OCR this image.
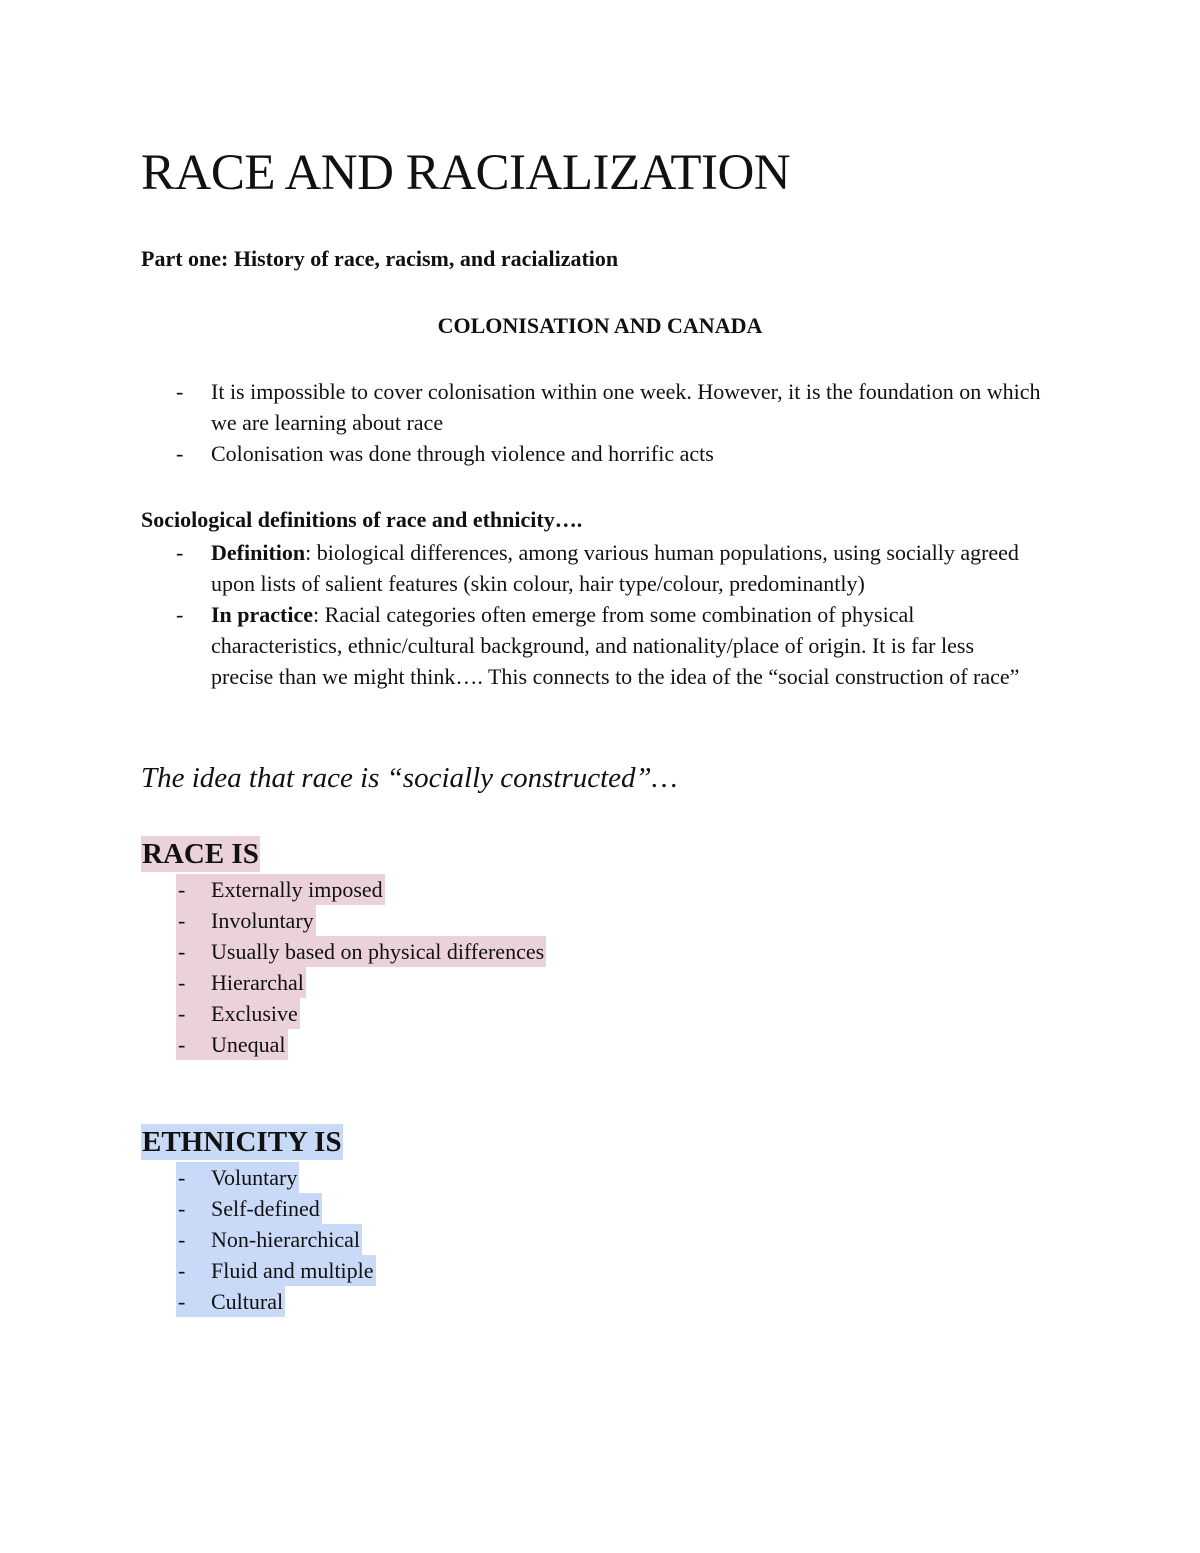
RACE AND RACIALIZATION
Part one: History of race, racism, and racialization
COLONISATION AND CANADA
- It is impossible to cover colonisation within one week. However, it is the foundation on which we are learning about race
- Colonisation was done through violence and horrific acts
Sociological definitions of race and ethnicity….
- Definition: biological differences, among various human populations, using socially agreed upon lists of salient features (skin colour, hair type/colour, predominantly)
- In practice: Racial categories often emerge from some combination of physical characteristics, ethnic/cultural background, and nationality/place of origin. It is far less precise than we might think…. This connects to the idea of the “social construction of race”
The idea that race is “socially constructed”…
RACE IS
- Externally imposed
- Involuntary
- Usually based on physical differences
- Hierarchal
- Exclusive
- Unequal
ETHNICITY IS
- Voluntary
- Self-defined
- Non-hierarchical
- Fluid and multiple
- Cultural
